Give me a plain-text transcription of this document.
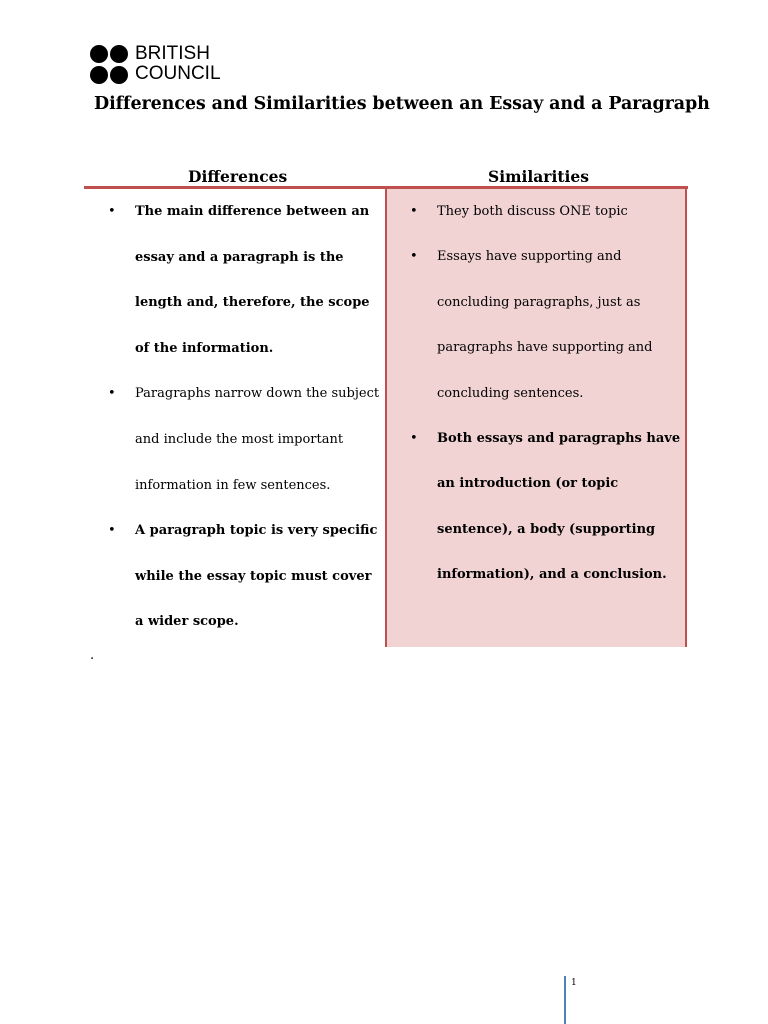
BRITISH
COUNCIL
Differences and Similarities between an Essay and a Paragraph
Differences	Similarities
• The main difference between an essay and a paragraph is the length and, therefore, the scope of the information.
• Paragraphs narrow down the subject and include the most important information in few sentences.
• A paragraph topic is very specific while the essay topic must cover a wider scope.
• They both discuss ONE topic
• Essays have supporting and concluding paragraphs, just as paragraphs have supporting and concluding sentences.
• Both essays and paragraphs have an introduction (or topic sentence), a body (supporting information), and a conclusion.
.
1
